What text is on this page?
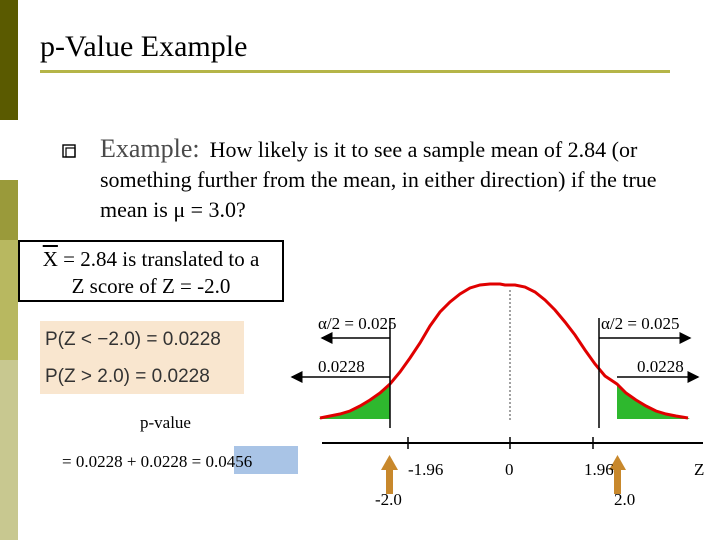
p-Value Example
Example: How likely is it to see a sample mean of 2.84 (or something further from the mean, in either direction) if the true mean is μ = 3.0?
$\overline{X} = 2.84$ is translated to a
Z score of Z = -2.0
P(Z < −2.0) = 0.0228
P(Z > 2.0) = 0.0228
p-value
= 0.0228 + 0.0228 = 0.0456
α/2 = 0.025	α/2 = 0.025
0.0228	0.0228
-1.96	0	1.96	Z
-2.0	2.0
